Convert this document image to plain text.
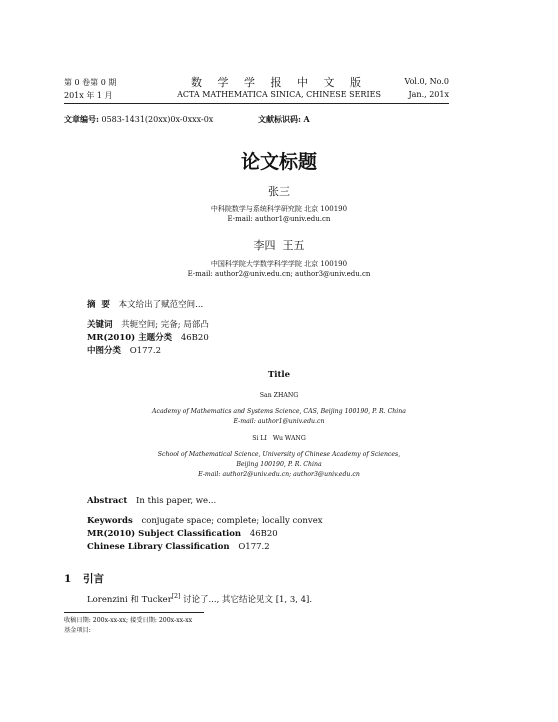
第 0 卷第 0 期
201x 年 1 月
数 学 学 报 中 文 版
ACTA MATHEMATICA SINICA, CHINESE SERIES
Vol.0, No.0
Jan., 201x
文章编号: 0583-1431(20xx)0x-0xxx-0x	文献标识码: A
论文标题
张三
中科院数学与系统科学研究院 北京 100190
E-mail: author1@univ.edu.cn
李四  王五
中国科学院大学数学科学学院 北京 100190
E-mail: author2@univ.edu.cn; author3@univ.edu.cn
摘  要 本文给出了赋范空间...
关键词 共轭空间; 完备; 局部凸
MR(2010) 主题分类 46B20
中图分类 O177.2
Title
San ZHANG
Academy of Mathematics and Systems Science, CAS, Beijing 100190, P. R. China
E-mail: author1@univ.edu.cn
Si LI   Wu WANG
School of Mathematical Science, University of Chinese Academy of Sciences,
Beijing 100190, P. R. China
E-mail: author2@univ.edu.cn; author3@univ.edu.cn
Abstract In this paper, we...
Keywords conjugate space; complete; locally convex
MR(2010) Subject Classification 46B20
Chinese Library Classification O177.2
1 引言
Lorenzini 和 Tucker[2] 讨论了..., 其它结论见文 [1, 3, 4].
收稿日期: 200x-xx-xx; 接受日期: 200x-xx-xx
基金项目:
